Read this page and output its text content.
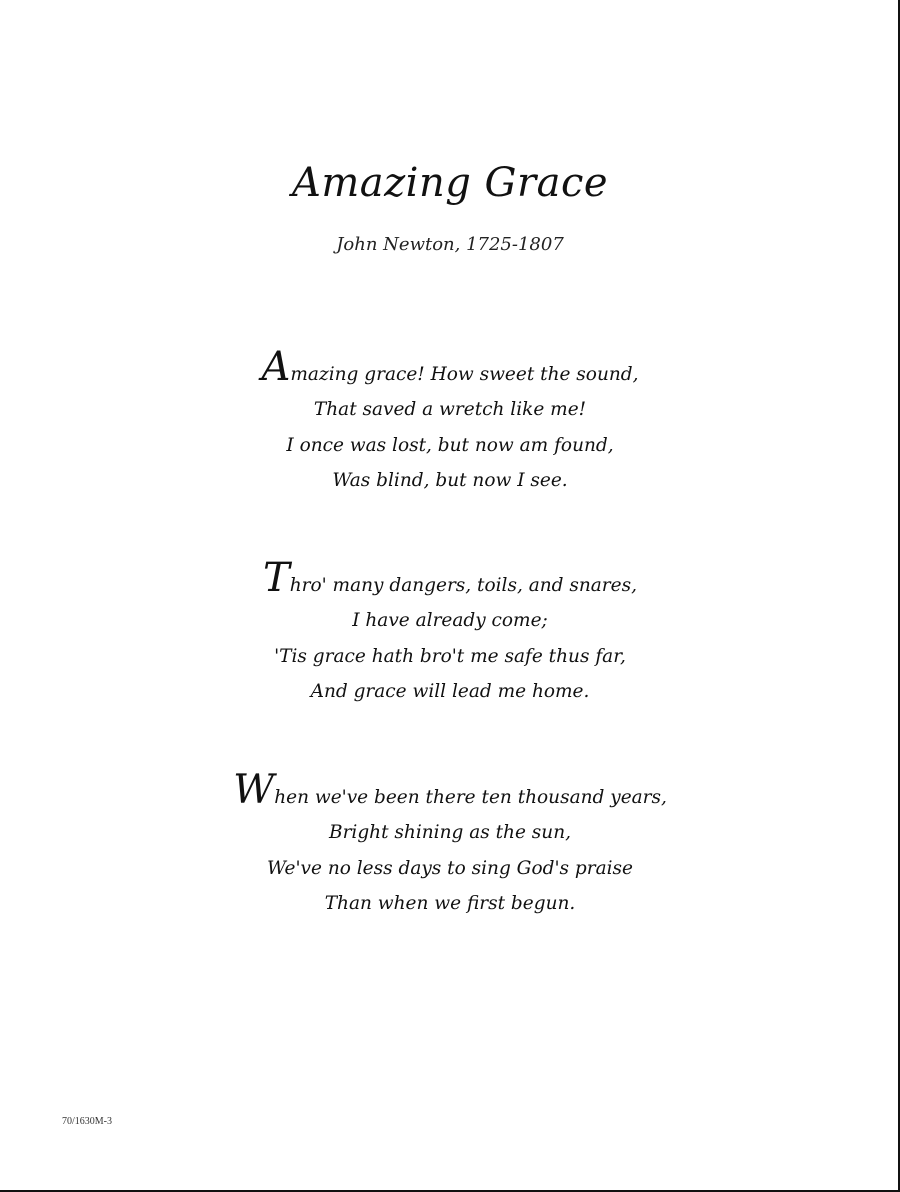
Amazing Grace
John Newton, 1725-1807
Amazing grace! How sweet the sound,
That saved a wretch like me!
I once was lost, but now am found,
Was blind, but now I see.
Thro' many dangers, toils, and snares,
I have already come;
'Tis grace hath bro't me safe thus far,
And grace will lead me home.
When we've been there ten thousand years,
Bright shining as the sun,
We've no less days to sing God's praise
Than when we first begun.
70/1630M-3
